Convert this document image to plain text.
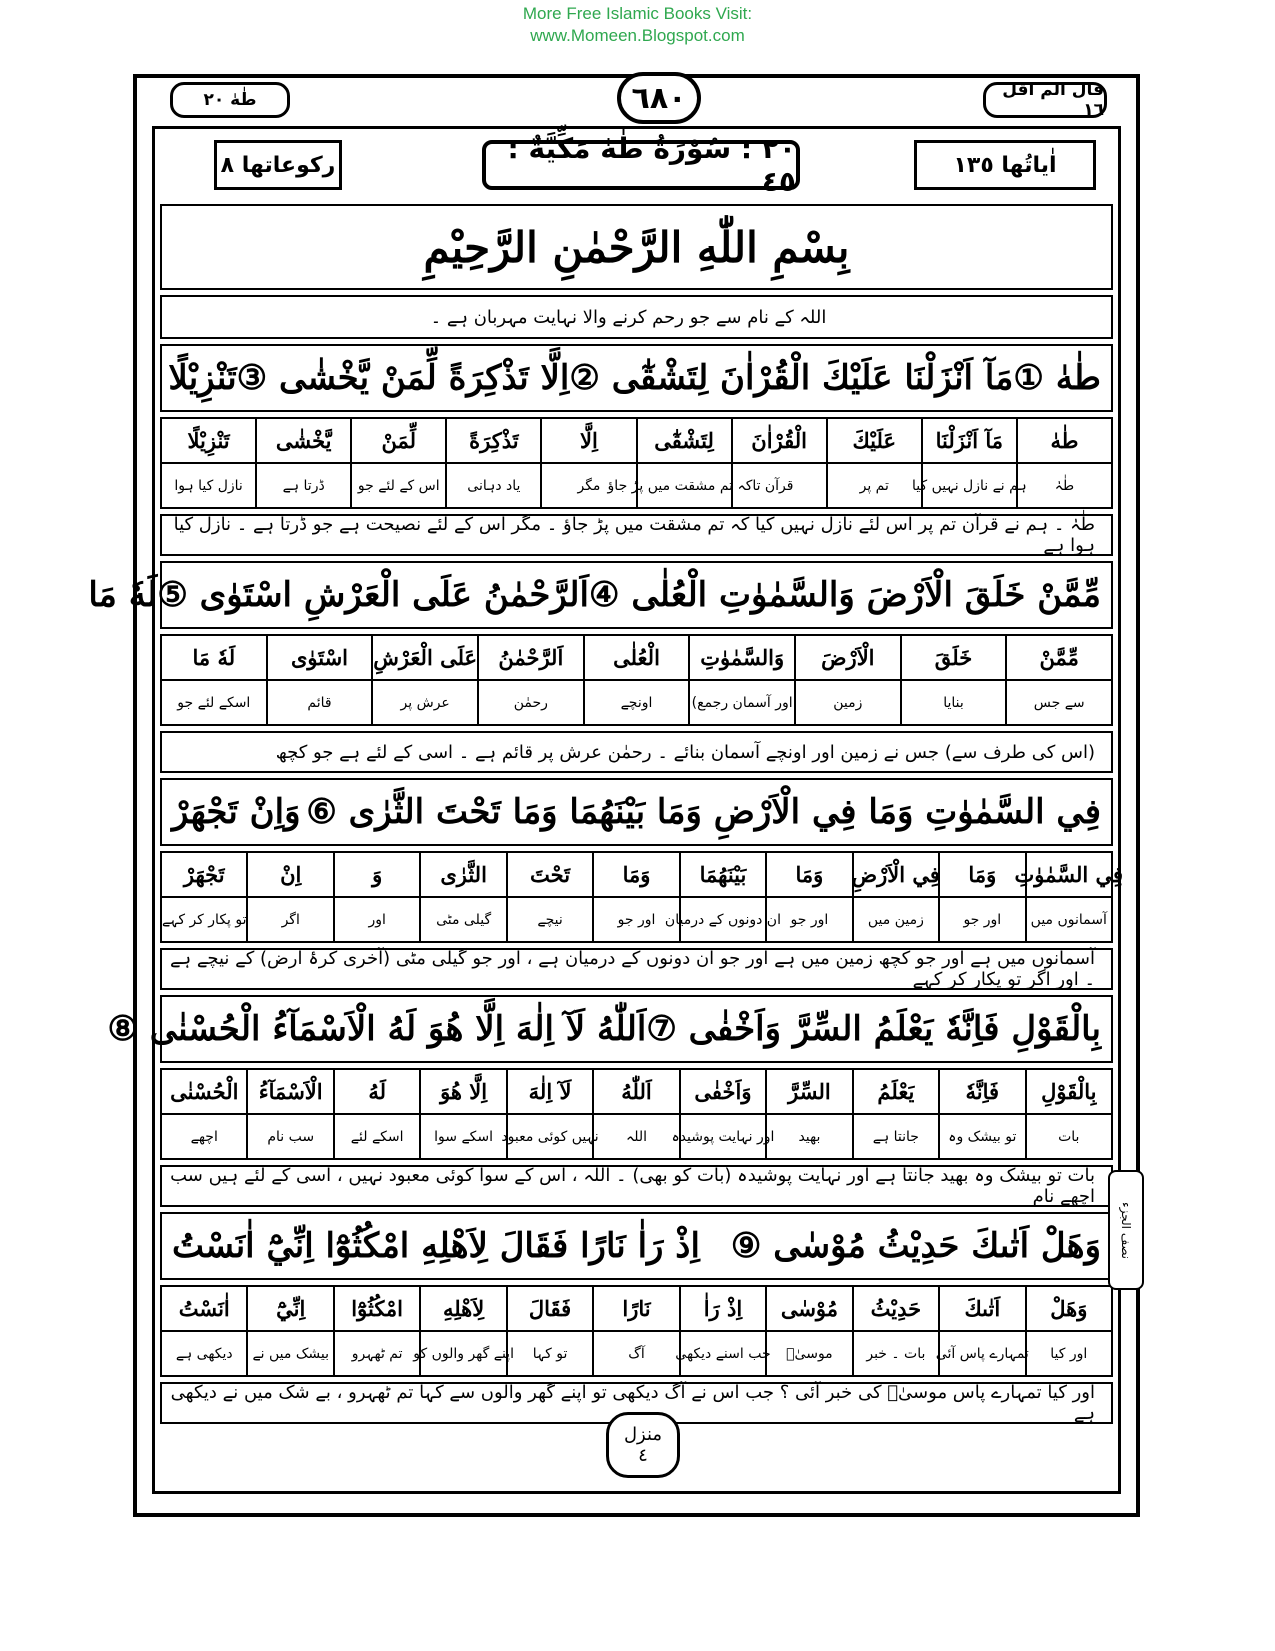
More Free Islamic Books Visit:
www.Momeen.Blogspot.com
قال الم اقل ١٦
٦٨٠
طٰهٰ ٢٠
اٰیاتُها ١٣٥
٢٠ : سُوْرَةُ طٰهٰ مَكِّيَّةٌ : ٤٥
رکوعاتھا ٨
بِسْمِ اللّٰهِ الرَّحْمٰنِ الرَّحِيْمِ
اللہ کے نام سے جو رحم کرنے والا نہایت مہربان ہے ۔
طٰهٰ ①
مَآ اَنْزَلْنَا عَلَيْكَ الْقُرْاٰنَ لِتَشْقٰٓى ②
اِلَّا تَذْكِرَةً لِّمَنْ يَّخْشٰى ③
تَنْزِيْلًا
طٰهٰ
طٰہٰ
مَآ اَنْزَلْنَا
ہم نے نازل نہیں کیا
عَلَيْكَ
تم پر
الْقُرْاٰنَ
قرآن
لِتَشْقٰٓى
تاکہ تم مشقت میں پڑ جاؤ
اِلَّا
مگر
تَذْكِرَةً
یاد دہانی
لِّمَنْ
اس کے لئے جو
يَّخْشٰى
ڈرتا ہے
تَنْزِيْلًا
نازل کیا ہوا
طٰہٰ ۔ ہم نے قرآن تم پر اس لئے نازل نہیں کیا کہ تم مشقت میں پڑ جاؤ ۔ مگر اس کے لئے نصیحت ہے جو ڈرتا ہے ۔ نازل کیا ہوا ہے
مِّمَّنْ خَلَقَ الْاَرْضَ وَالسَّمٰوٰتِ الْعُلٰى ④
اَلرَّحْمٰنُ عَلَى الْعَرْشِ اسْتَوٰى ⑤
لَهٗ مَا
مِّمَّنْ
سے جس
خَلَقَ
بنایا
الْاَرْضَ
زمین
وَالسَّمٰوٰتِ
اور آسمان رجمع)
الْعُلٰى
اونچے
اَلرَّحْمٰنُ
رحمٰن
عَلَى الْعَرْشِ
عرش پر
اسْتَوٰى
قائم
لَهٗ مَا
اسکے لئے جو
(اس کی طرف سے) جس نے زمین اور اونچے آسمان بنائے ۔ رحمٰن عرش پر قائم ہے ۔ اسی کے لئے ہے جو کچھ
فِي السَّمٰوٰتِ وَمَا فِي الْاَرْضِ وَمَا بَيْنَهُمَا وَمَا تَحْتَ الثَّرٰى ⑥
وَاِنْ تَجْهَرْ
فِي السَّمٰوٰتِ
آسمانوں میں
وَمَا
اور جو
فِي الْاَرْضِ
زمین میں
وَمَا
اور جو
بَيْنَهُمَا
ان دونوں کے درمیان
وَمَا
اور جو
تَحْتَ
نیچے
الثَّرٰى
گیلی مٹی
وَ
اور
اِنْ
اگر
تَجْهَرْ
تو پکار کر کہے
آسمانوں میں ہے اور جو کچھ زمین میں ہے اور جو ان دونوں کے درمیان ہے ، اور جو گیلی مٹی (آخری کرۂ ارض) کے نیچے ہے ۔ اور اگر تو پکار کر کہے
بِالْقَوْلِ فَاِنَّهٗ يَعْلَمُ السِّرَّ وَاَخْفٰى ⑦
اَللّٰهُ لَآ اِلٰهَ اِلَّا هُوَ لَهُ الْاَسْمَآءُ الْحُسْنٰى ⑧
بِالْقَوْلِ
بات
فَاِنَّهٗ
تو بیشک وہ
يَعْلَمُ
جانتا ہے
السِّرَّ
بھید
وَاَخْفٰى
اور نہایت پوشیدہ
اَللّٰهُ
اللہ
لَآ اِلٰهَ
نہیں کوئی معبود
اِلَّا هُوَ
اسکے سوا
لَهُ
اسکے لئے
الْاَسْمَآءُ
سب نام
الْحُسْنٰى
اچھے
بات تو بیشک وہ بھید جانتا ہے اور نہایت پوشیدہ (بات کو بھی) ۔ اللہ ، اس کے سوا کوئی معبود نہیں ، اسی کے لئے ہیں سب اچھے نام
وَهَلْ اَتٰىكَ حَدِيْثُ مُوْسٰى ⑨
اِذْ رَاٰ نَارًا فَقَالَ لِاَهْلِهِ امْكُثُوْٓا اِنِّيْٓ اٰنَسْتُ
وَهَلْ
اور کیا
اَتٰىكَ
تمہارے پاس آئی
حَدِيْثُ
بات ۔ خبر
مُوْسٰى
موسیٰؑ
اِذْ رَاٰ
جب اسنے دیکھی
نَارًا
آگ
فَقَالَ
تو کہا
لِاَهْلِهِ
اپنے گھر والوں کو
امْكُثُوْٓا
تم ٹھہرو
اِنِّيْٓ
بیشک میں نے
اٰنَسْتُ
دیکھی ہے
اور کیا تمہارے پاس موسیٰؑ کی خبر آئی ؟ جب اس نے آگ دیکھی تو اپنے گھر والوں سے کہا تم ٹھہرو ، بے شک میں نے دیکھی ہے
نصف الجزء
منزل
٤
